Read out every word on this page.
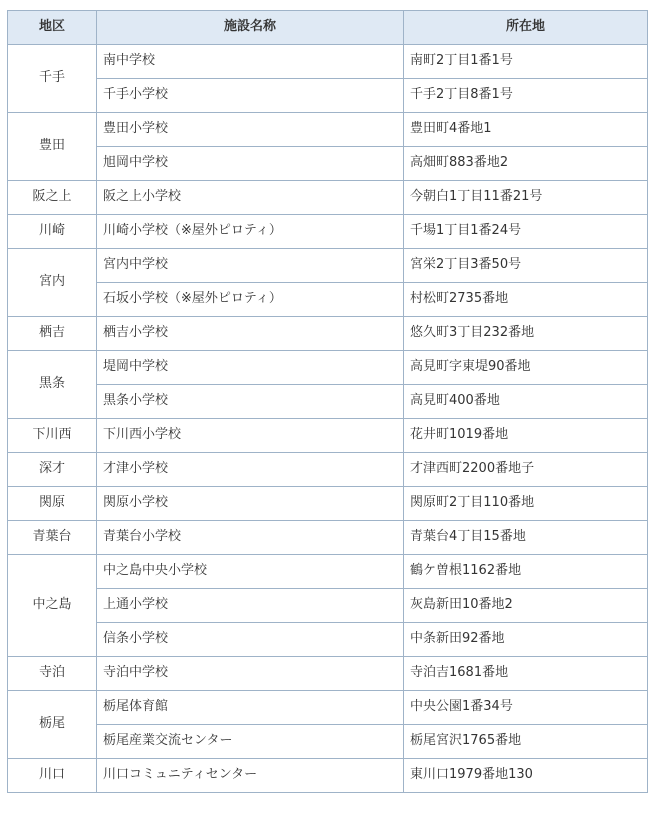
地区	施設名称	所在地
千手	南中学校	南町2丁目1番1号
	千手小学校	千手2丁目8番1号
豊田	豊田小学校	豊田町4番地1
	旭岡中学校	高畑町883番地2
阪之上	阪之上小学校	今朝白1丁目11番21号
川崎	川崎小学校（※屋外ピロティ）	千場1丁目1番24号
宮内	宮内中学校	宮栄2丁目3番50号
	石坂小学校（※屋外ピロティ）	村松町2735番地
栖吉	栖吉小学校	悠久町3丁目232番地
黒条	堤岡中学校	高見町字東堤90番地
	黒条小学校	高見町400番地
下川西	下川西小学校	花井町1019番地
深才	才津小学校	才津西町2200番地子
関原	関原小学校	関原町2丁目110番地
青葉台	青葉台小学校	青葉台4丁目15番地
中之島	中之島中央小学校	鶴ケ曽根1162番地
	上通小学校	灰島新田10番地2
	信条小学校	中条新田92番地
寺泊	寺泊中学校	寺泊吉1681番地
栃尾	栃尾体育館	中央公園1番34号
	栃尾産業交流センター	栃尾宮沢1765番地
川口	川口コミュニティセンター	東川口1979番地130
